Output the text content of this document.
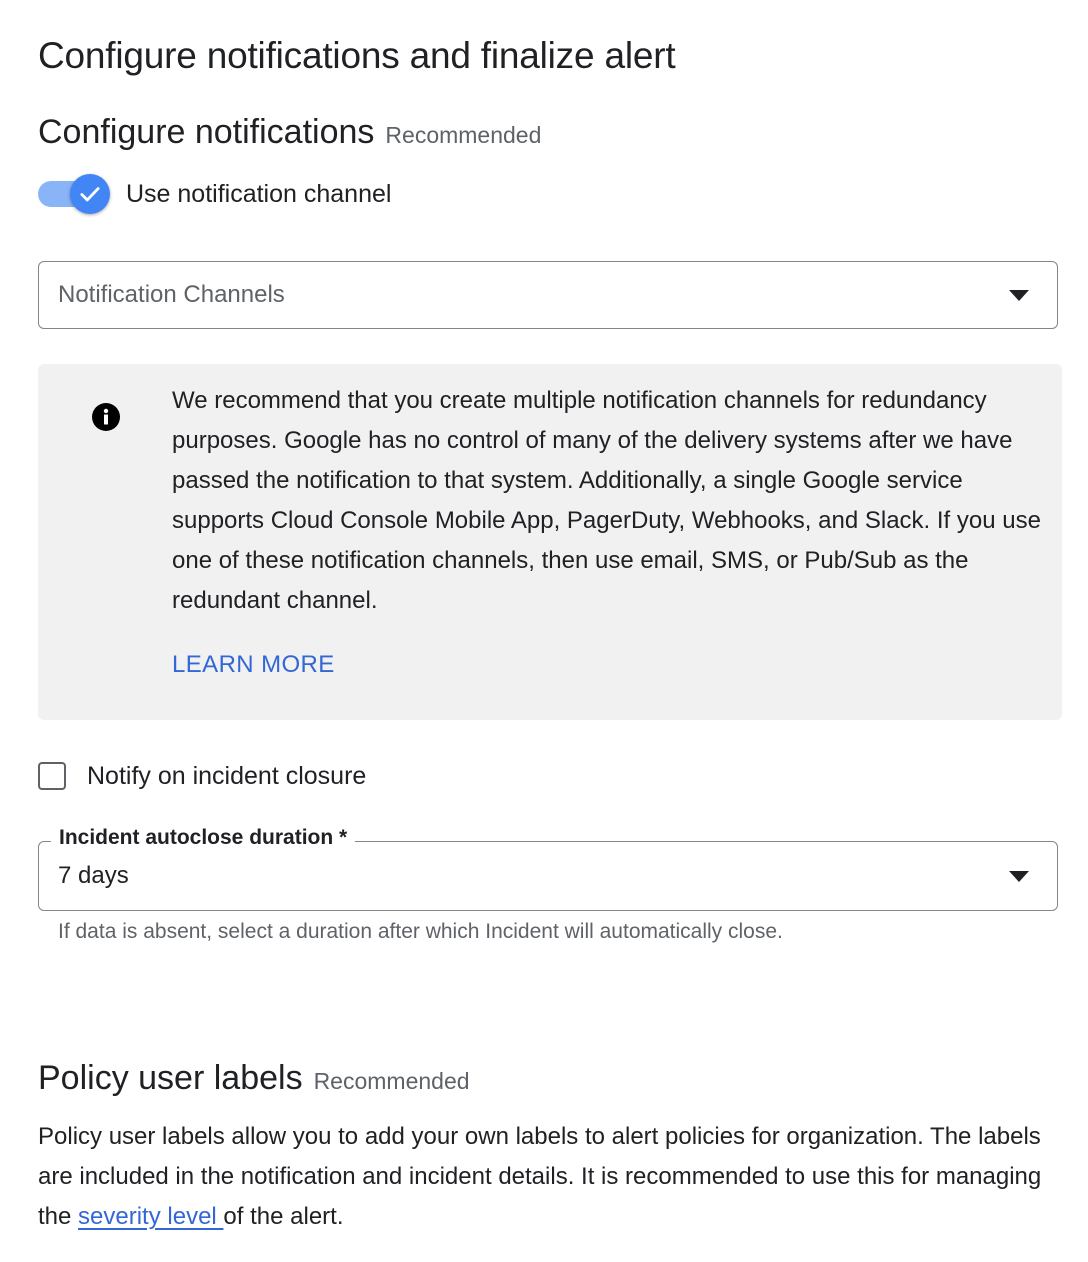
Configure notifications and finalize alert
Configure notifications Recommended
Use notification channel
Notification Channels
We recommend that you create multiple notification channels for redundancy purposes. Google has no control of many of the delivery systems after we have passed the notification to that system. Additionally, a single Google service supports Cloud Console Mobile App, PagerDuty, Webhooks, and Slack. If you use one of these notification channels, then use email, SMS, or Pub/Sub as the redundant channel.
LEARN MORE
Notify on incident closure
Incident autoclose duration *
7 days
If data is absent, select a duration after which Incident will automatically close.
Policy user labels Recommended

Policy user labels allow you to add your own labels to alert policies for organization. The labels are included in the notification and incident details. It is recommended to use this for managing the severity level of the alert.
